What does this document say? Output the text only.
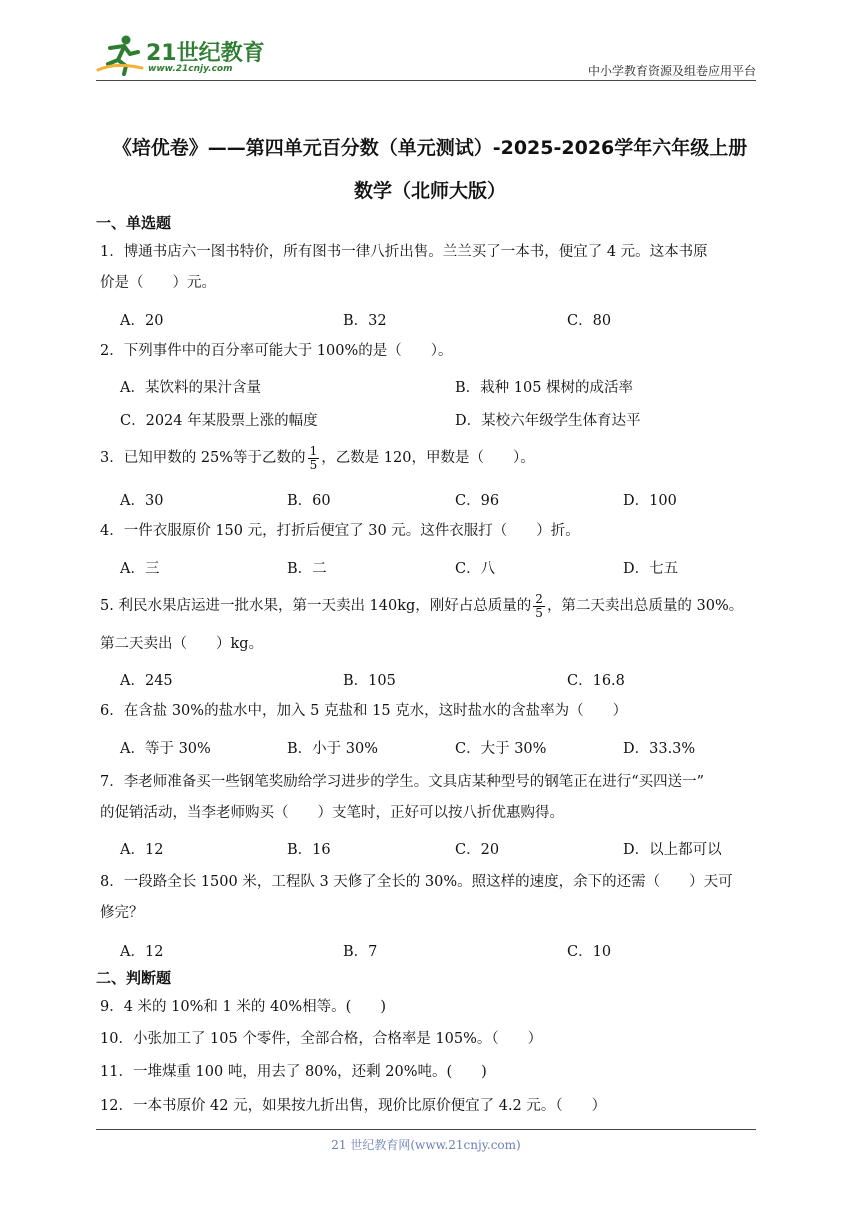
21世纪教育
www.21cnjy.com	中小学教育资源及组卷应用平台
《培优卷》——第四单元百分数（单元测试）-2025-2026学年六年级上册
数学（北师大版）
一、单选题
1．博通书店六一图书特价，所有图书一律八折出售。兰兰买了一本书，便宜了 4 元。这本书原
价是（　　）元。
A．20	B．32	C．80
2．下列事件中的百分率可能大于 100%的是（　　）。
A．某饮料的果汁含量	B．栽种 105 棵树的成活率
C．2024 年某股票上涨的幅度	D．某校六年级学生体育达平
3．已知甲数的 25%等于乙数的 $\frac{1}{5}$ ，乙数是 120，甲数是（　　）。
A．30	B．60	C．96	D．100
4．一件衣服原价 150 元，打折后便宜了 30 元。这件衣服打（　　）折。
A．三	B．二	C．八	D．七五
5. 利民水果店运进一批水果，第一天卖出 140kg，刚好占总质量的 $\frac{2}{5}$ ，第二天卖出总质量的 30%。
第二天卖出（　　）kg。
A．245	B．105	C．16.8
6．在含盐 30%的盐水中，加入 5 克盐和 15 克水，这时盐水的含盐率为（　　）
A．等于 30%	B．小于 30%	C．大于 30%	D．33.3%
7．李老师准备买一些钢笔奖励给学习进步的学生。文具店某种型号的钢笔正在进行“买四送一”
的促销活动，当李老师购买（　　）支笔时，正好可以按八折优惠购得。
A．12	B．16	C．20	D．以上都可以
8．一段路全长 1500 米，工程队 3 天修了全长的 30%。照这样的速度，余下的还需（　　）天可
修完？
A．12	B．7	C．10
二、判断题
9．4 米的 10%和 1 米的 40%相等。(　　)
10．小张加工了 105 个零件，全部合格，合格率是 105%。（　　）
11．一堆煤重 100 吨，用去了 80%，还剩 20%吨。(　　)
12．一本书原价 42 元，如果按九折出售，现价比原价便宜了 4.2 元。（　　）
21 世纪教育网(www.21cnjy.com)
